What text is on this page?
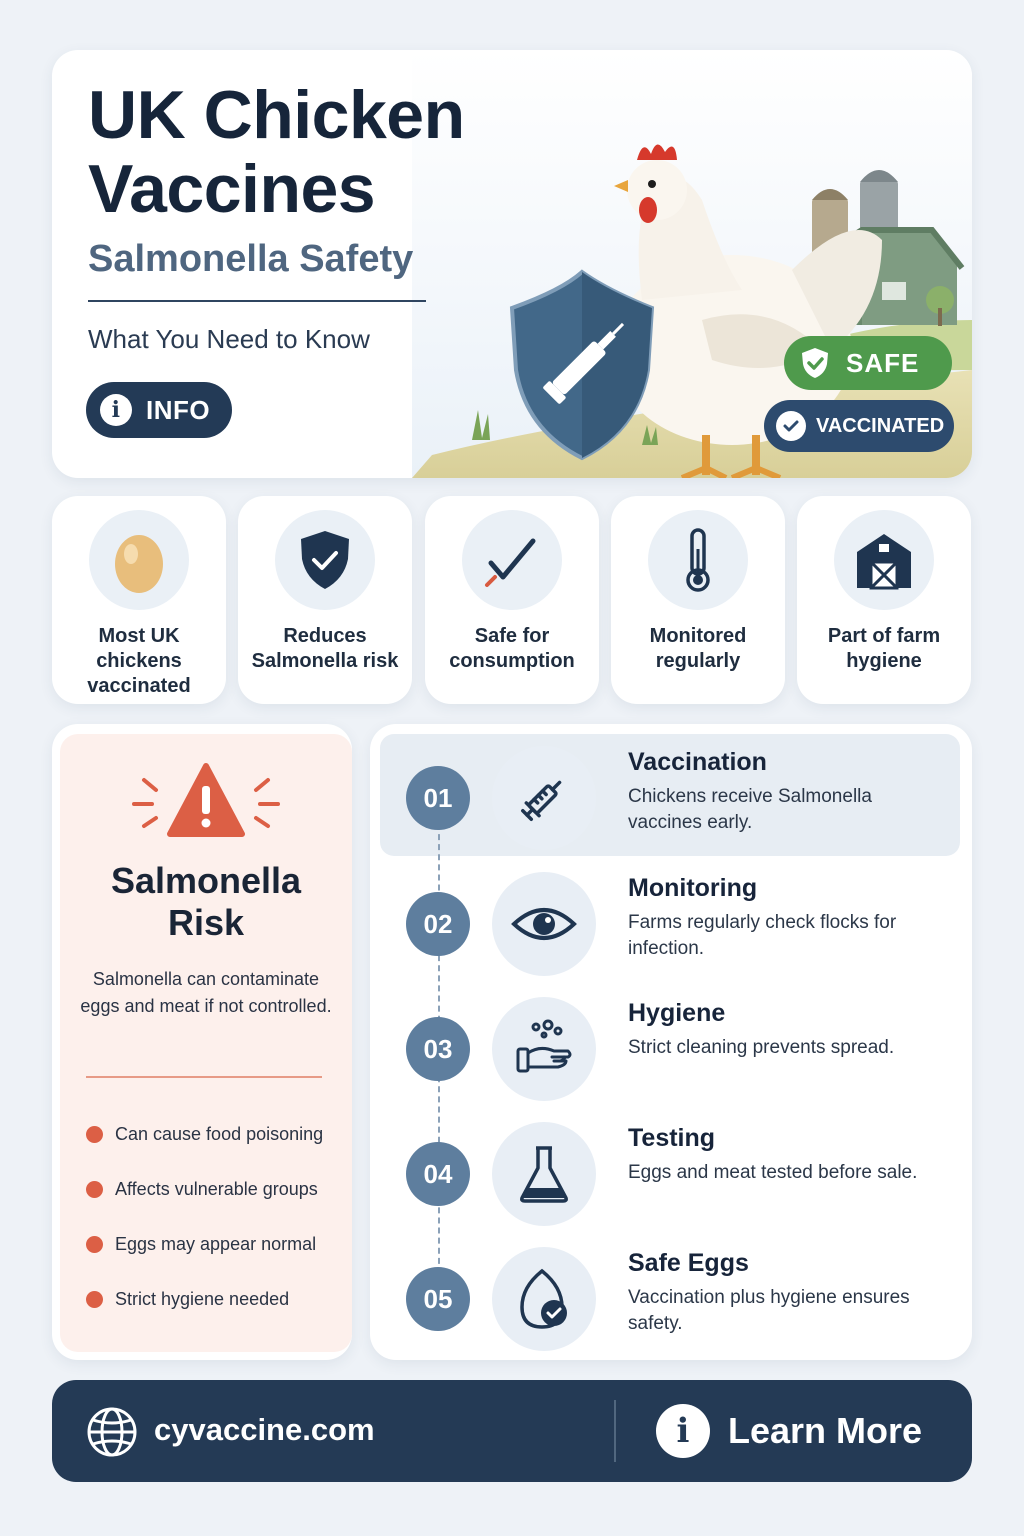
UK Chicken
Vaccines
Salmonella Safety
What You Need to Know
i INFO
SAFE
VACCINATED
Most UK chickens vaccinated
Reduces Salmonella risk
Safe for consumption
Monitored regularly
Part of farm hygiene
Salmonella
Risk
Salmonella can contaminate eggs and meat if not controlled.
Can cause food poisoning
Affects vulnerable groups
Eggs may appear normal
Strict hygiene needed
01
Vaccination
Chickens receive Salmonella vaccines early.
02
Monitoring
Farms regularly check flocks for infection.
03
Hygiene
Strict cleaning prevents spread.
04
Testing
Eggs and meat tested before sale.
05
Safe Eggs
Vaccination plus hygiene ensures safety.
cyvaccine.com	i	Learn More
